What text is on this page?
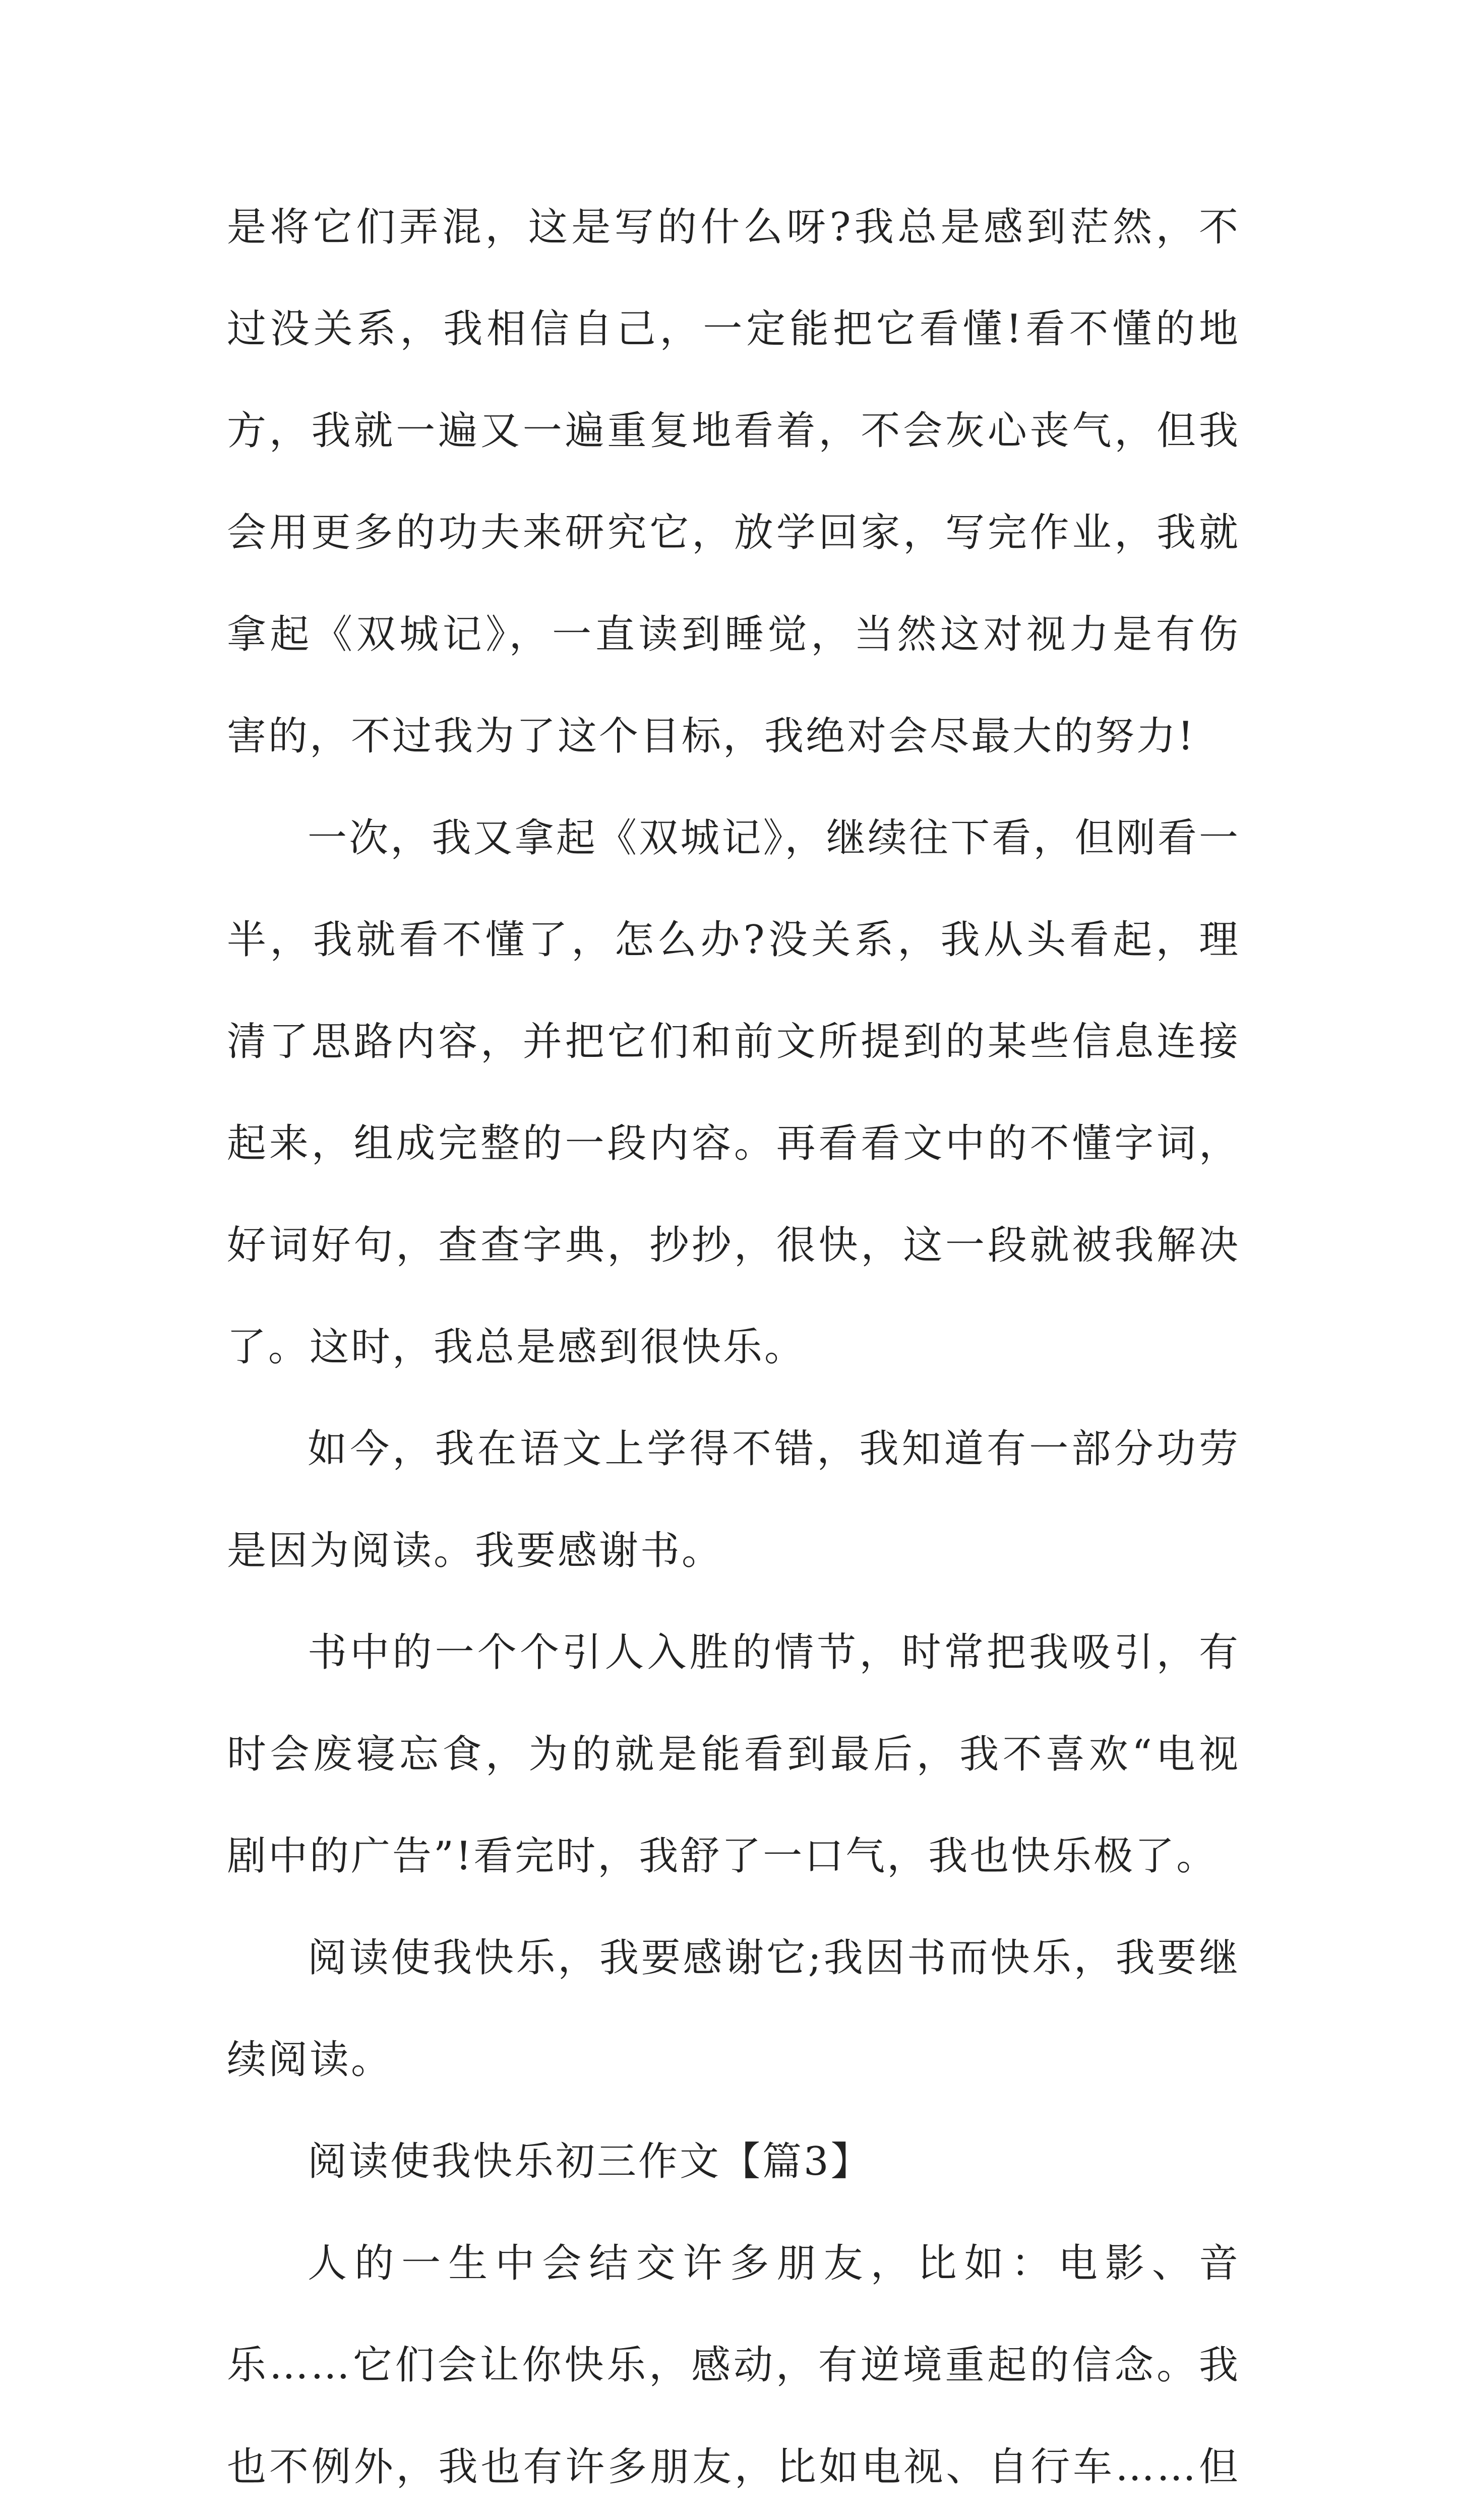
是将它们弄混，这是写的什么呀?我总是感到茫然，不过没关系，我相信自己，一定能把它看懂!看不懂的地方，我就一遍又一遍重复地看着，不会灰心丧气，但我会用更多的功夫来研究它，放学回家，写完作业，我就拿起《双城记》，一直读到睡觉，当然这对视力是有伤害的，不过我为了这个目标，我绝对会尽最大的努力!

一次，我又拿起《双城记》，继续往下看，但刚看一半，我就看不懂了，怎么办?没关系，我从头看起，理清了思路内容，并把它们和前文所提到的某些信息连接起来，组成完整的一段内容。再看看文中的不懂字词，好词好句，查查字典，抄抄，很快，这一段就被我解决了。这时，我总是感到很快乐。

如今，我在语文上学得不错，我知道有一部分功劳是因为阅读。我要感谢书。

书中的一个个引人入胜的情节，时常把我吸引，有时会废寝忘食，为的就是能看到最后，我不喜欢“电视剧中的广告”!看完时，我舒了一口气，我也快乐极了。

阅读使我快乐，我要感谢它;我因书而快乐，我要继续阅读。

阅读使我快乐初三作文【篇3】

人的一生中会结交许多朋友，比如：电影、音乐……它们会让你快乐，感动，有逆境重起的信念。我也不例外，我也有许多朋友，比如电视、自行车……但
